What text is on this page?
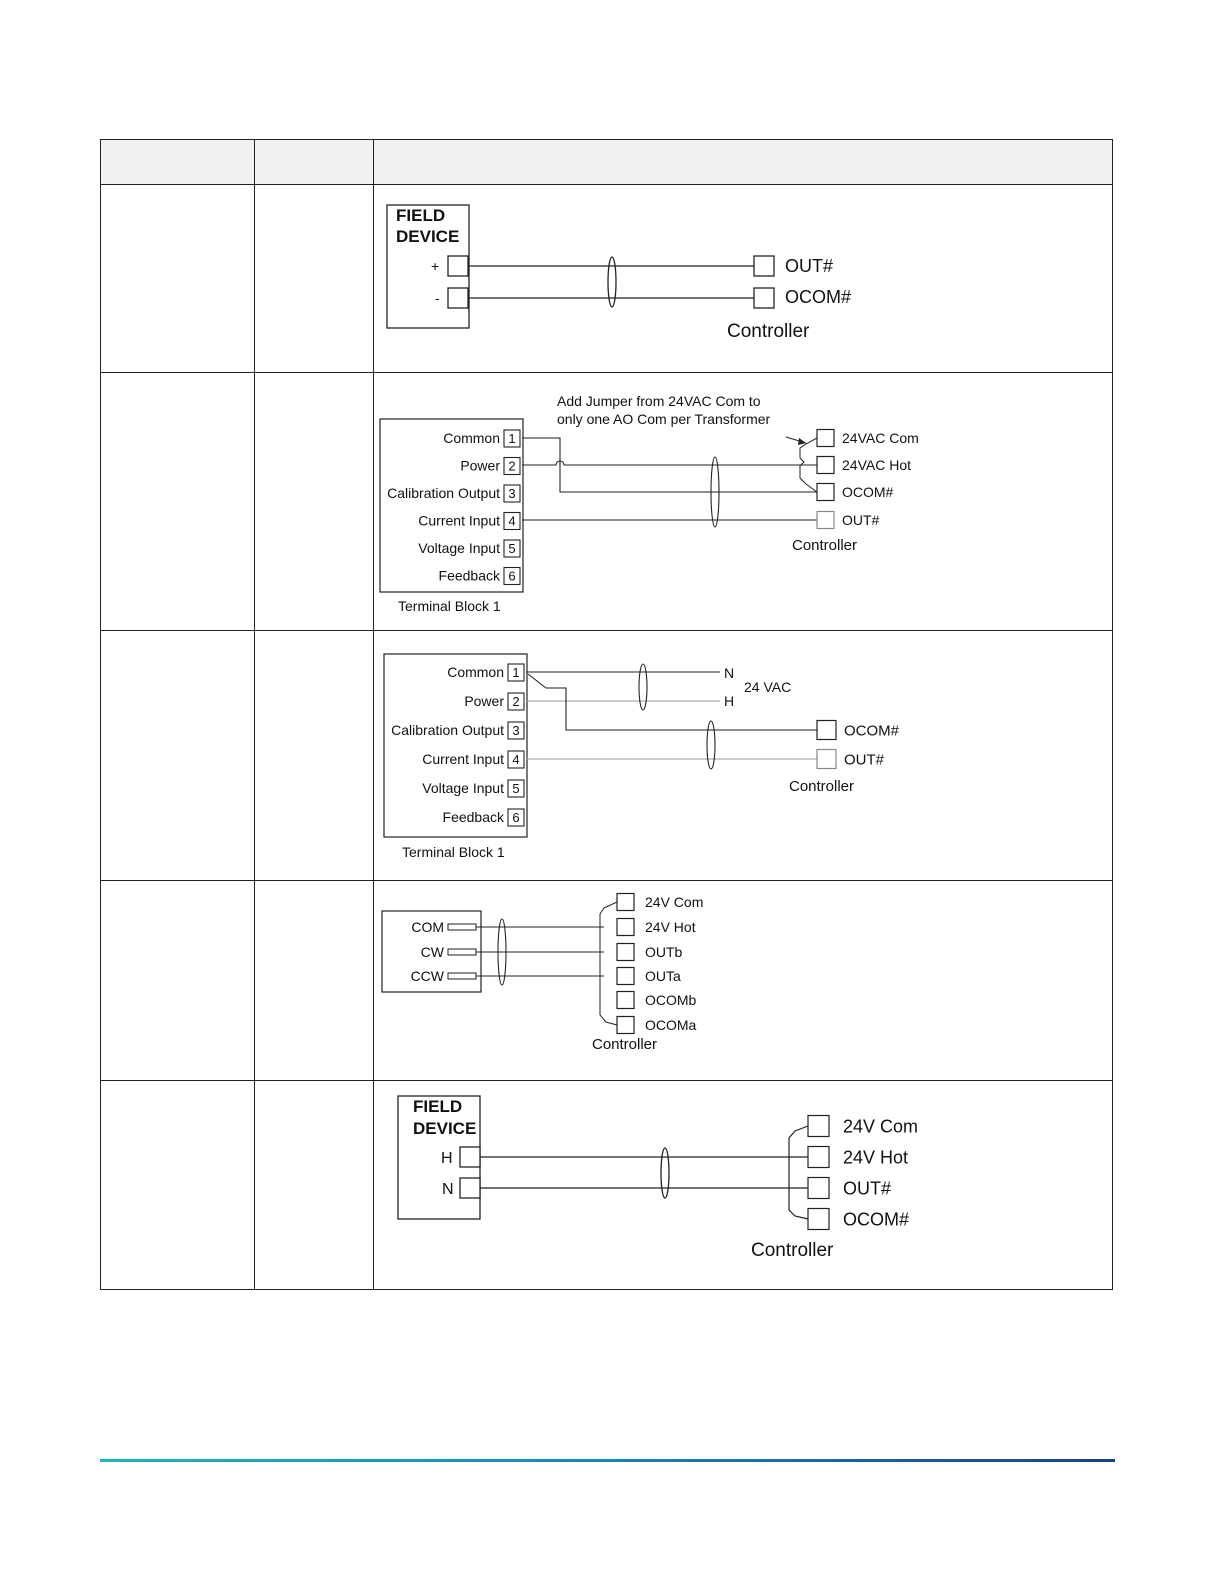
FIELD
DEVICE
+
-
OUT#
OCOM#
Controller
Add Jumper from 24VAC Com to
only one AO Com per Transformer
Common 1
Power 2
Calibration Output 3
Current Input 4
Voltage Input 5
Feedback 6
Terminal Block 1
24VAC Com
24VAC Hot
OCOM#
OUT#
Controller
Common 1
Power 2
Calibration Output 3
Current Input 4
Voltage Input 5
Feedback 6
Terminal Block 1
N
H
24 VAC
OCOM#
OUT#
Controller
COM
CW
CCW
24V Com
24V Hot
OUTb
OUTa
OCOMb
OCOMa
Controller
FIELD
DEVICE
H
N
24V Com
24V Hot
OUT#
OCOM#
Controller
